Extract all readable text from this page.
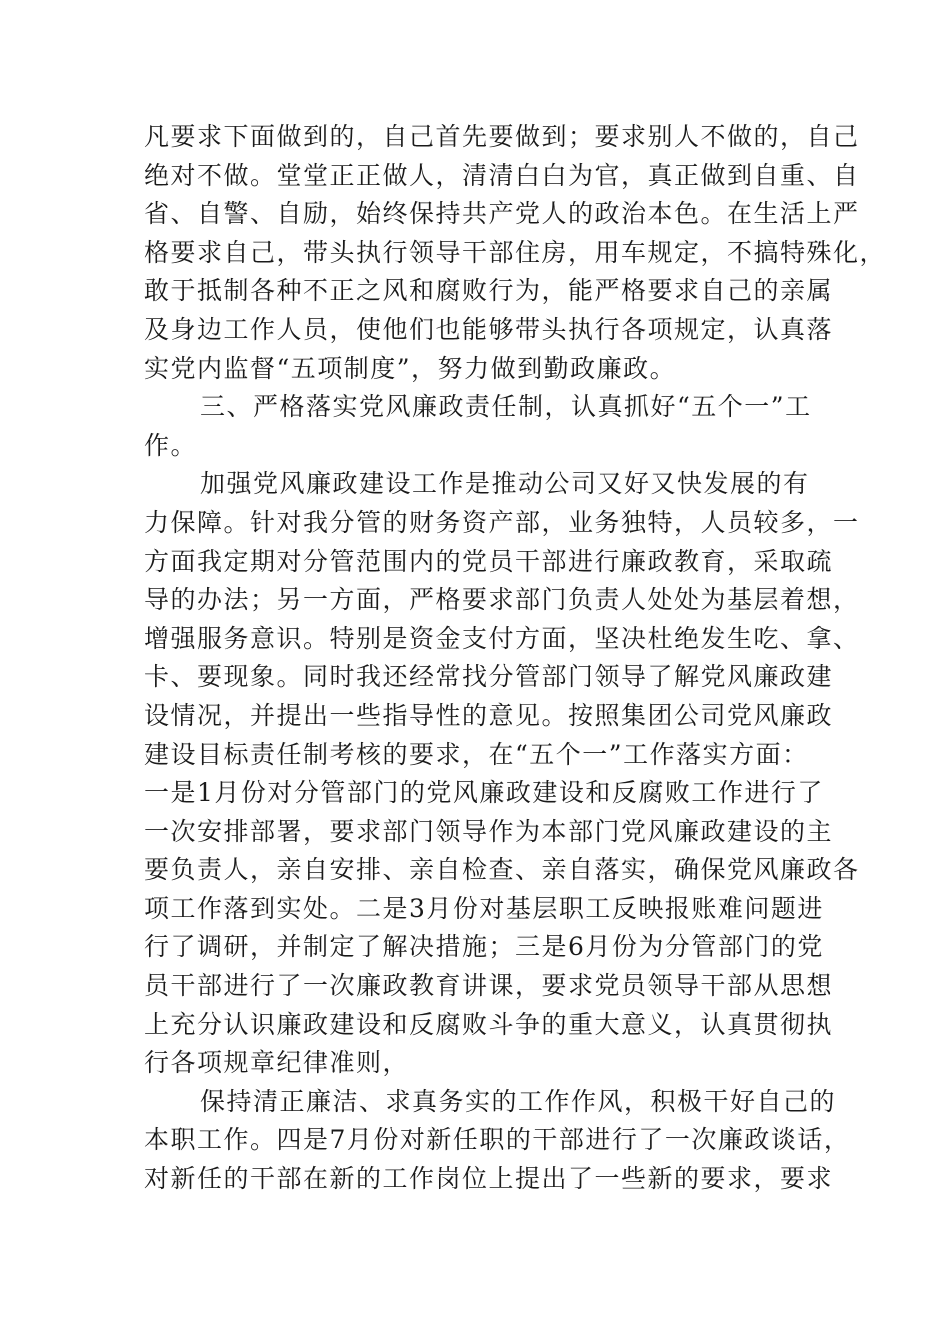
凡要求下面做到的，自己首先要做到；要求别人不做的，自己
绝对不做。堂堂正正做人，清清白白为官，真正做到自重、自
省、自警、自励，始终保持共产党人的政治本色。在生活上严
格要求自己，带头执行领导干部住房，用车规定，不搞特殊化，
敢于抵制各种不正之风和腐败行为，能严格要求自己的亲属
及身边工作人员，使他们也能够带头执行各项规定，认真落
实党内监督“五项制度”，努力做到勤政廉政。
三、严格落实党风廉政责任制，认真抓好“五个一”工
作。
加强党风廉政建设工作是推动公司又好又快发展的有
力保障。针对我分管的财务资产部，业务独特，人员较多，一
方面我定期对分管范围内的党员干部进行廉政教育，采取疏
导的办法；另一方面，严格要求部门负责人处处为基层着想，
增强服务意识。特别是资金支付方面，坚决杜绝发生吃、拿、
卡、要现象。同时我还经常找分管部门领导了解党风廉政建
设情况，并提出一些指导性的意见。按照集团公司党风廉政
建设目标责任制考核的要求，在“五个一”工作落实方面：
一是1月份对分管部门的党风廉政建设和反腐败工作进行了
一次安排部署，要求部门领导作为本部门党风廉政建设的主
要负责人，亲自安排、亲自检查、亲自落实，确保党风廉政各
项工作落到实处。二是3月份对基层职工反映报账难问题进
行了调研，并制定了解决措施；三是6月份为分管部门的党
员干部进行了一次廉政教育讲课，要求党员领导干部从思想
上充分认识廉政建设和反腐败斗争的重大意义，认真贯彻执
行各项规章纪律准则，
保持清正廉洁、求真务实的工作作风，积极干好自己的
本职工作。四是7月份对新任职的干部进行了一次廉政谈话，
对新任的干部在新的工作岗位上提出了一些新的要求，要求
